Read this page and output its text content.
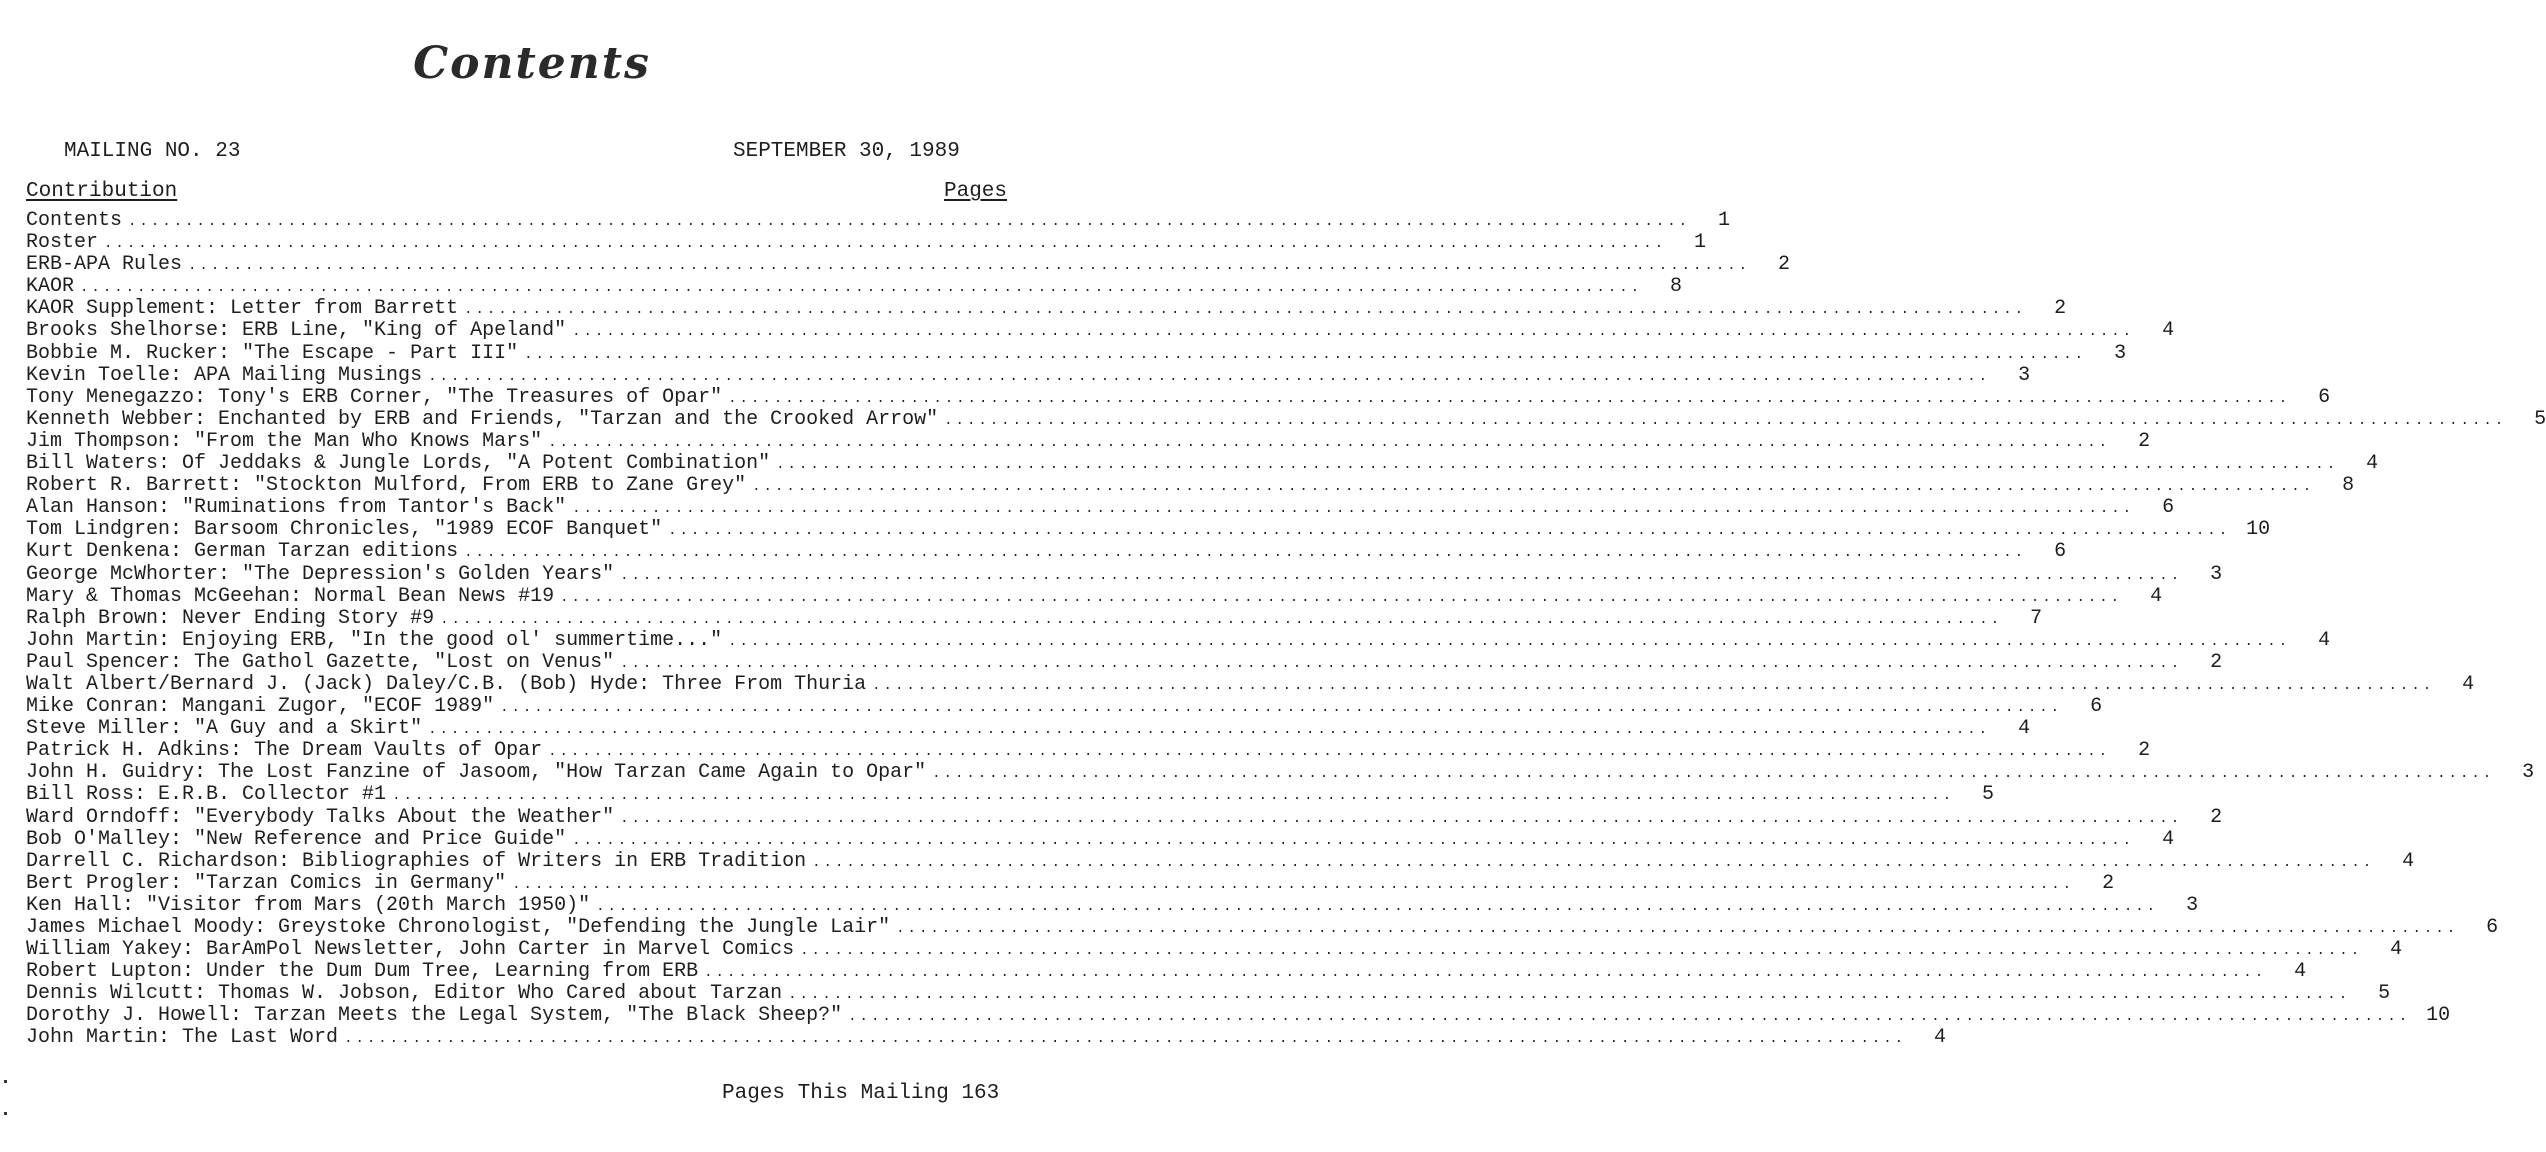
Contents
MAILING NO. 23	SEPTEMBER 30, 1989
Contribution	Pages
Contents .....	1
Roster .....	1
ERB-APA Rules .....	2
KAOR .....	8
KAOR Supplement: Letter from Barrett .....	2
Brooks Shelhorse: ERB Line, "King of Apeland" .....	4
Bobbie M. Rucker: "The Escape - Part III" .....	3
Kevin Toelle: APA Mailing Musings .....	3
Tony Menegazzo: Tony's ERB Corner, "The Treasures of Opar" .....	6
Kenneth Webber: Enchanted by ERB and Friends, "Tarzan and the Crooked Arrow" .....	5
Jim Thompson: "From the Man Who Knows Mars" .....	2
Bill Waters: Of Jeddaks & Jungle Lords, "A Potent Combination" .....	4
Robert R. Barrett: "Stockton Mulford, From ERB to Zane Grey" .....	8
Alan Hanson: "Ruminations from Tantor's Back" .....	6
Tom Lindgren: Barsoom Chronicles, "1989 ECOF Banquet" .....	10
Kurt Denkena: German Tarzan editions .....	6
George McWhorter: "The Depression's Golden Years" .....	3
Mary & Thomas McGeehan: Normal Bean News #19 .....	4
Ralph Brown: Never Ending Story #9 .....	7
John Martin: Enjoying ERB, "In the good ol' summertime..." .....	4
Paul Spencer: The Gathol Gazette, "Lost on Venus" .....	2
Walt Albert/Bernard J. (Jack) Daley/C.B. (Bob) Hyde: Three From Thuria .....	4
Mike Conran: Mangani Zugor, "ECOF 1989" .....	6
Steve Miller: "A Guy and a Skirt" .....	4
Patrick H. Adkins: The Dream Vaults of Opar .....	2
John H. Guidry: The Lost Fanzine of Jasoom, "How Tarzan Came Again to Opar" .....	3
Bill Ross: E.R.B. Collector #1 .....	5
Ward Orndoff: "Everybody Talks About the Weather" .....	2
Bob O'Malley: "New Reference and Price Guide" .....	4
Darrell C. Richardson: Bibliographies of Writers in ERB Tradition .....	4
Bert Progler: "Tarzan Comics in Germany" .....	2
Ken Hall: "Visitor from Mars (20th March 1950)" .....	3
James Michael Moody: Greystoke Chronologist, "Defending the Jungle Lair" .....	6
William Yakey: BarAmPol Newsletter, John Carter in Marvel Comics .....	4
Robert Lupton: Under the Dum Dum Tree, Learning from ERB .....	4
Dennis Wilcutt: Thomas W. Jobson, Editor Who Cared about Tarzan .....	5
Dorothy J. Howell: Tarzan Meets the Legal System, "The Black Sheep?" .....	10
John Martin: The Last Word .....	4
Pages This Mailing 163
